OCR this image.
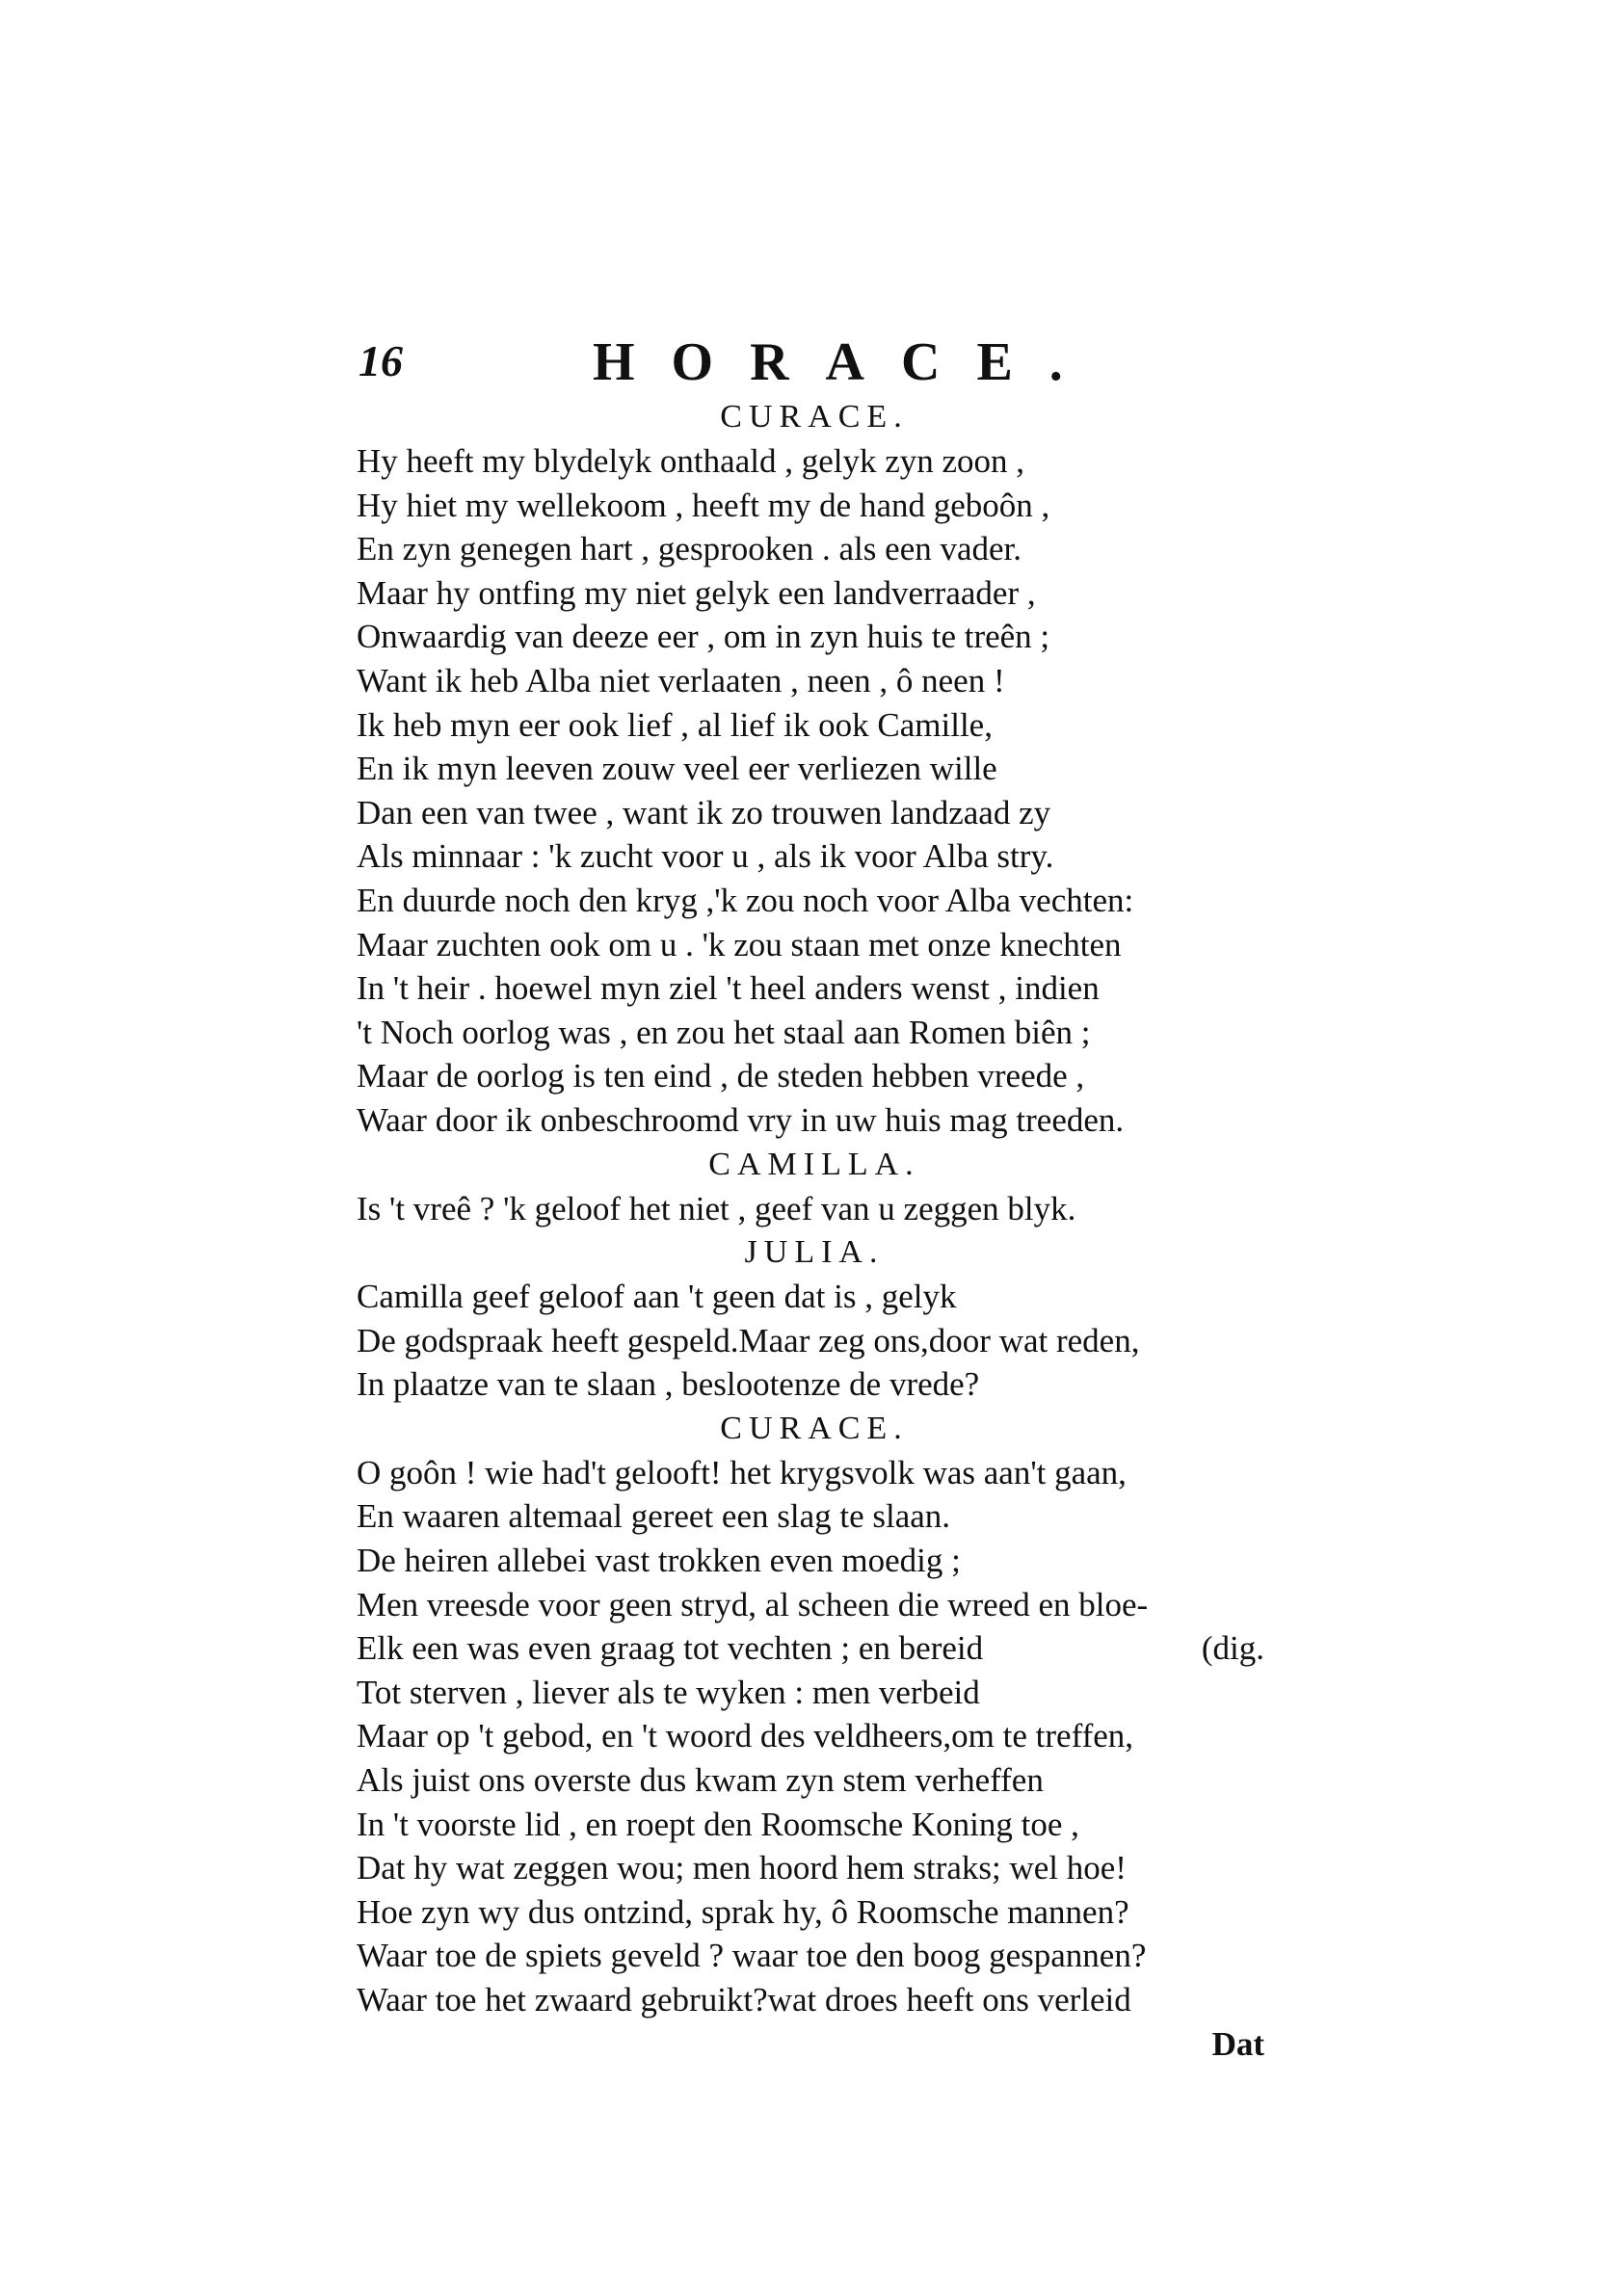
16	HORACE.
CURACE.
Hy heeft my blydelyk onthaald , gelyk zyn zoon ,
Hy hiet my wellekoom , heeft my de hand geboôn ,
En zyn genegen hart , gesprooken . als een vader.
Maar hy ontfing my niet gelyk een landverraader ,
Onwaardig van deeze eer , om in zyn huis te treên ;
Want ik heb Alba niet verlaaten , neen , ô neen !
Ik heb myn eer ook lief , al lief ik ook Camille,
En ik myn leeven zouw veel eer verliezen wille
Dan een van twee , want ik zo trouwen landzaad zy
Als minnaar : 'k zucht voor u , als ik voor Alba stry.
En duurde noch den kryg ,'k zou noch voor Alba vechten:
Maar zuchten ook om u . 'k zou staan met onze knechten
In 't heir . hoewel myn ziel 't heel anders wenst , indien
't Noch oorlog was , en zou het staal aan Romen biên ;
Maar de oorlog is ten eind , de steden hebben vreede ,
Waar door ik onbeschroomd vry in uw huis mag treeden.
CAMILLA.
Is 't vreê ? 'k geloof het niet , geef van u zeggen blyk.
JULIA.
Camilla geef geloof aan 't geen dat is , gelyk
De godspraak heeft gespeld.Maar zeg ons,door wat reden,
In plaatze van te slaan , beslootenze de vrede?
CURACE.
O goôn ! wie had't gelooft! het krygsvolk was aan't gaan,
En waaren altemaal gereet een slag te slaan.
De heiren allebei vast trokken even moedig ;
Men vreesde voor geen stryd, al scheen die wreed en bloe-
Elk een was even graag tot vechten ; en bereid	(dig.
Tot sterven , liever als te wyken : men verbeid
Maar op 't gebod, en 't woord des veldheers,om te treffen,
Als juist ons overste dus kwam zyn stem verheffen
In 't voorste lid , en roept den Roomsche Koning toe ,
Dat hy wat zeggen wou; men hoord hem straks; wel hoe!
Hoe zyn wy dus ontzind, sprak hy, ô Roomsche mannen?
Waar toe de spiets geveld ? waar toe den boog gespannen?
Waar toe het zwaard gebruikt?wat droes heeft ons verleid
Dat
